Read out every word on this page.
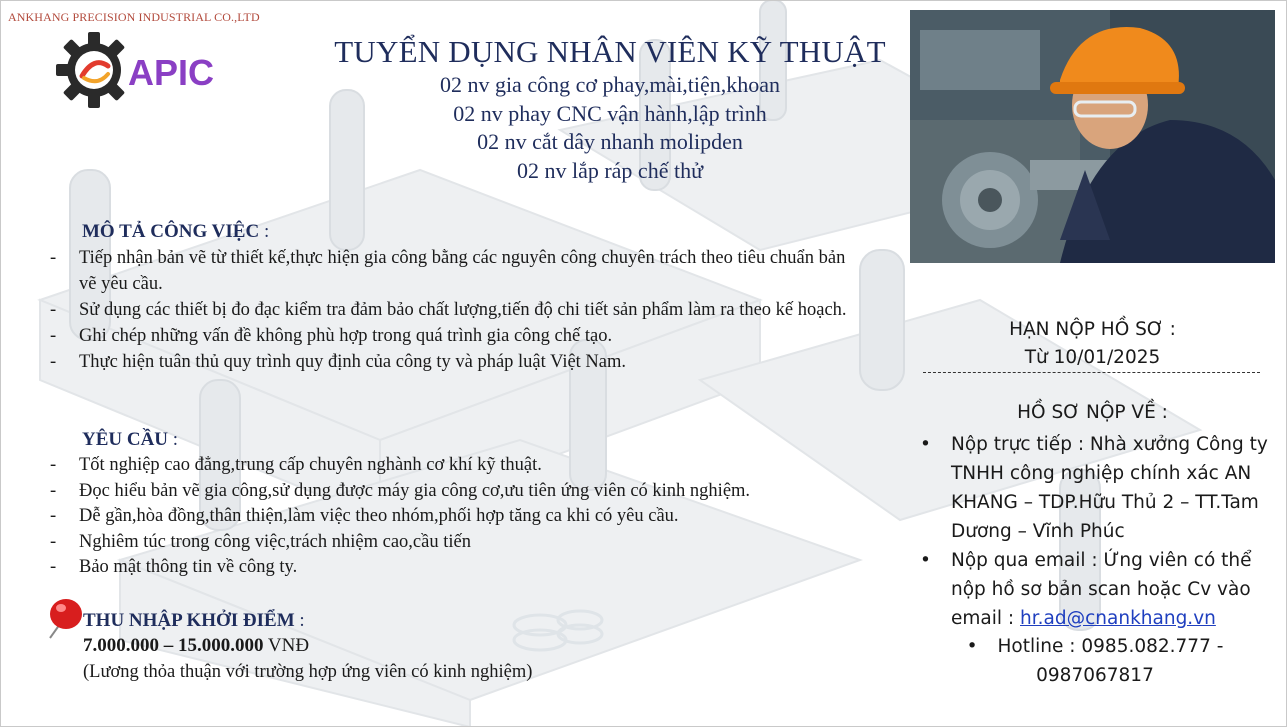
ANKHANG PRECISION INDUSTRIAL CO.,LTD
APIC
TUYỂN DỤNG NHÂN VIÊN KỸ THUẬT
02 nv gia công cơ phay,mài,tiện,khoan
02 nv phay CNC vận hành,lập trình
02 nv cắt dây nhanh molipden
02 nv lắp ráp chế thử
MÔ TẢ CÔNG VIỆC :
- Tiếp nhận bản vẽ từ thiết kế,thực hiện gia công bằng các nguyên công chuyên trách theo tiêu chuẩn bản vẽ yêu cầu.
- Sử dụng các thiết bị đo đạc kiểm tra đảm bảo chất lượng,tiến độ chi tiết sản phẩm làm ra theo kế hoạch.
- Ghi chép những vấn đề không phù hợp trong quá trình gia công chế tạo.
- Thực hiện tuân thủ quy trình quy định của công ty và pháp luật Việt Nam.
YÊU CẦU :
- Tốt nghiệp cao đẳng,trung cấp chuyên nghành cơ khí kỹ thuật.
- Đọc hiểu bản vẽ gia công,sử dụng được máy gia công cơ,ưu tiên ứng viên có kinh nghiệm.
- Dễ gần,hòa đồng,thân thiện,làm việc theo nhóm,phối hợp tăng ca khi có yêu cầu.
- Nghiêm túc trong công việc,trách nhiệm cao,cầu tiến
- Bảo mật thông tin về công ty.
THU NHẬP KHỞI ĐIỂM :
7.000.000 – 15.000.000 VNĐ
(Lương thỏa thuận với trường hợp ứng viên có kinh nghiệm)
HẠN NỘP HỒ SƠ :
Từ 10/01/2025
HỒ SƠ NỘP VỀ :
• Nộp trực tiếp : Nhà xưởng Công ty TNHH công nghiệp chính xác AN KHANG – TDP.Hữu Thủ 2 – TT.Tam Dương – Vĩnh Phúc
• Nộp qua email : Ứng viên có thể nộp hồ sơ bản scan hoặc Cv vào email : hr.ad@cnankhang.vn
• Hotline : 0985.082.777 -
0987067817
